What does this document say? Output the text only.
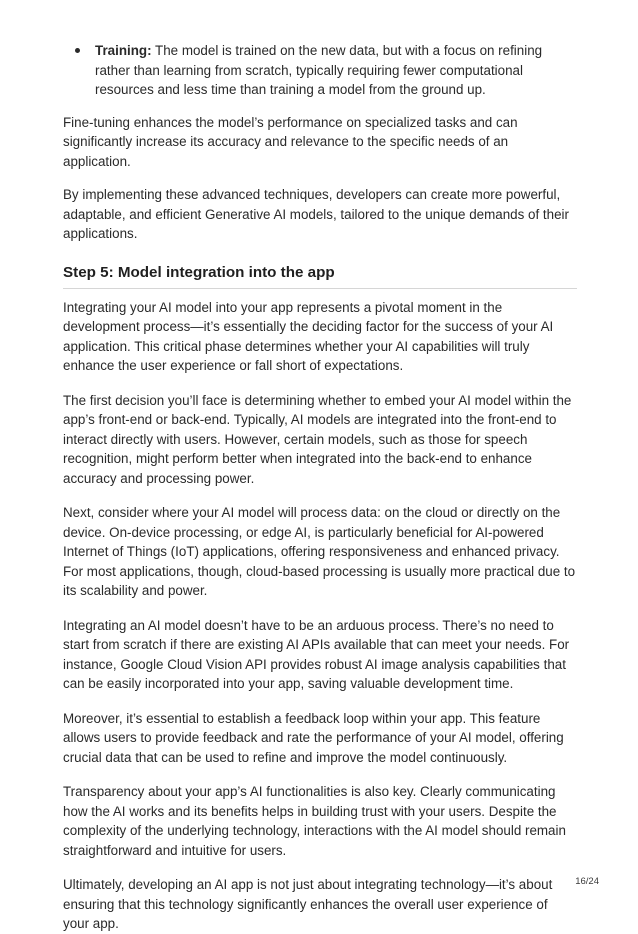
Training: The model is trained on the new data, but with a focus on refining rather than learning from scratch, typically requiring fewer computational resources and less time than training a model from the ground up.

Fine-tuning enhances the model’s performance on specialized tasks and can significantly increase its accuracy and relevance to the specific needs of an application.

By implementing these advanced techniques, developers can create more powerful, adaptable, and efficient Generative AI models, tailored to the unique demands of their applications.

Step 5: Model integration into the app

Integrating your AI model into your app represents a pivotal moment in the development process—it’s essentially the deciding factor for the success of your AI application. This critical phase determines whether your AI capabilities will truly enhance the user experience or fall short of expectations.

The first decision you’ll face is determining whether to embed your AI model within the app’s front-end or back-end. Typically, AI models are integrated into the front-end to interact directly with users. However, certain models, such as those for speech recognition, might perform better when integrated into the back-end to enhance accuracy and processing power.

Next, consider where your AI model will process data: on the cloud or directly on the device. On-device processing, or edge AI, is particularly beneficial for AI-powered Internet of Things (IoT) applications, offering responsiveness and enhanced privacy. For most applications, though, cloud-based processing is usually more practical due to its scalability and power.

Integrating an AI model doesn’t have to be an arduous process. There’s no need to start from scratch if there are existing AI APIs available that can meet your needs. For instance, Google Cloud Vision API provides robust AI image analysis capabilities that can be easily incorporated into your app, saving valuable development time.

Moreover, it’s essential to establish a feedback loop within your app. This feature allows users to provide feedback and rate the performance of your AI model, offering crucial data that can be used to refine and improve the model continuously.

Transparency about your app’s AI functionalities is also key. Clearly communicating how the AI works and its benefits helps in building trust with your users. Despite the complexity of the underlying technology, interactions with the AI model should remain straightforward and intuitive for users.

Ultimately, developing an AI app is not just about integrating technology—it’s about ensuring that this technology significantly enhances the overall user experience of your app.

16/24
